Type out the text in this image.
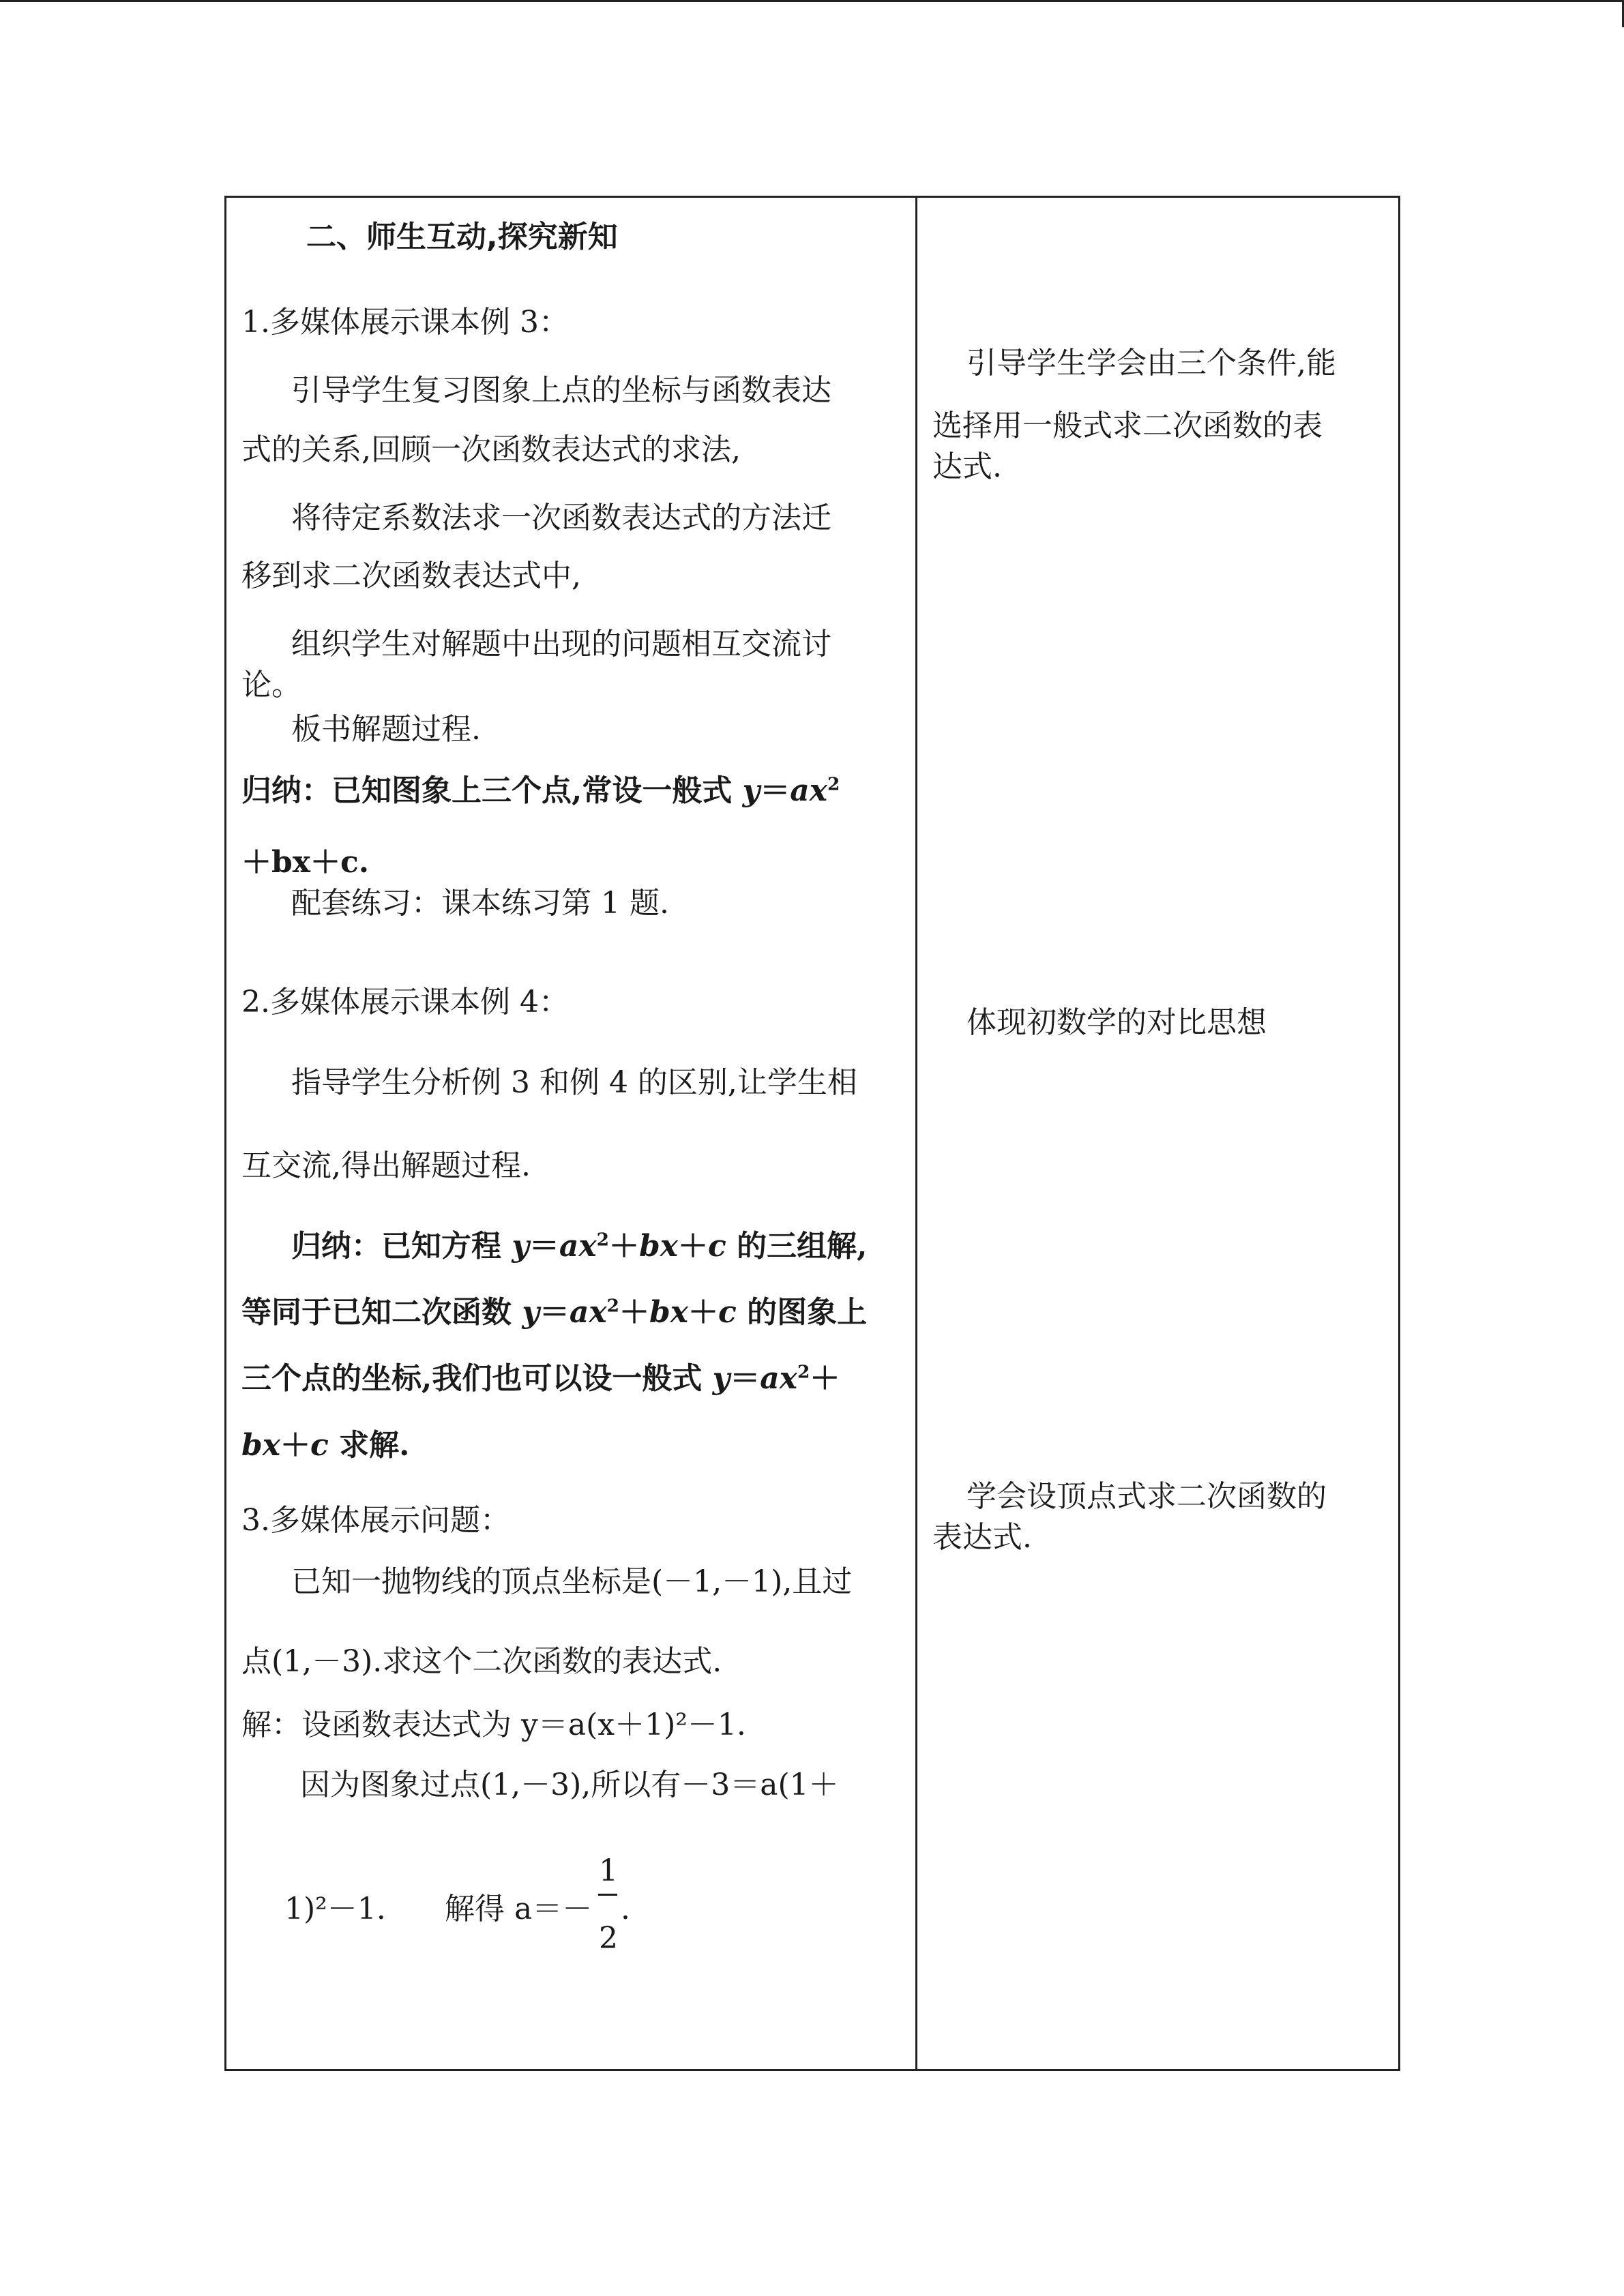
二、师生互动,探究新知
1.多媒体展示课本例 3：
引导学生复习图象上点的坐标与函数表达
式的关系,回顾一次函数表达式的求法,
将待定系数法求一次函数表达式的方法迁
移到求二次函数表达式中,
组织学生对解题中出现的问题相互交流讨
论。
板书解题过程.
归纳：已知图象上三个点,常设一般式 $y=ax^2$
＋bx＋c.
配套练习：课本练习第 1 题.
2.多媒体展示课本例 4：
指导学生分析例 3 和例 4 的区别,让学生相
互交流,得出解题过程.
归纳：已知方程 $y=ax^2+bx+c$ 的三组解,
等同于已知二次函数 $y=ax^2+bx+c$ 的图象上
三个点的坐标,我们也可以设一般式 $y=ax^2+$
bx＋c 求解.
3.多媒体展示问题：
已知一抛物线的顶点坐标是(－1,－1),且过
点(1,－3).求这个二次函数的表达式.
解：设函数表达式为 y＝a(x＋1)²－1.
因为图象过点(1,－3),所以有－3＝a(1＋
1)²－1. 解得 a＝－
1
2
.
引导学生学会由三个条件,能
选择用一般式求二次函数的表
达式.
体现初数学的对比思想
学会设顶点式求二次函数的
表达式.
